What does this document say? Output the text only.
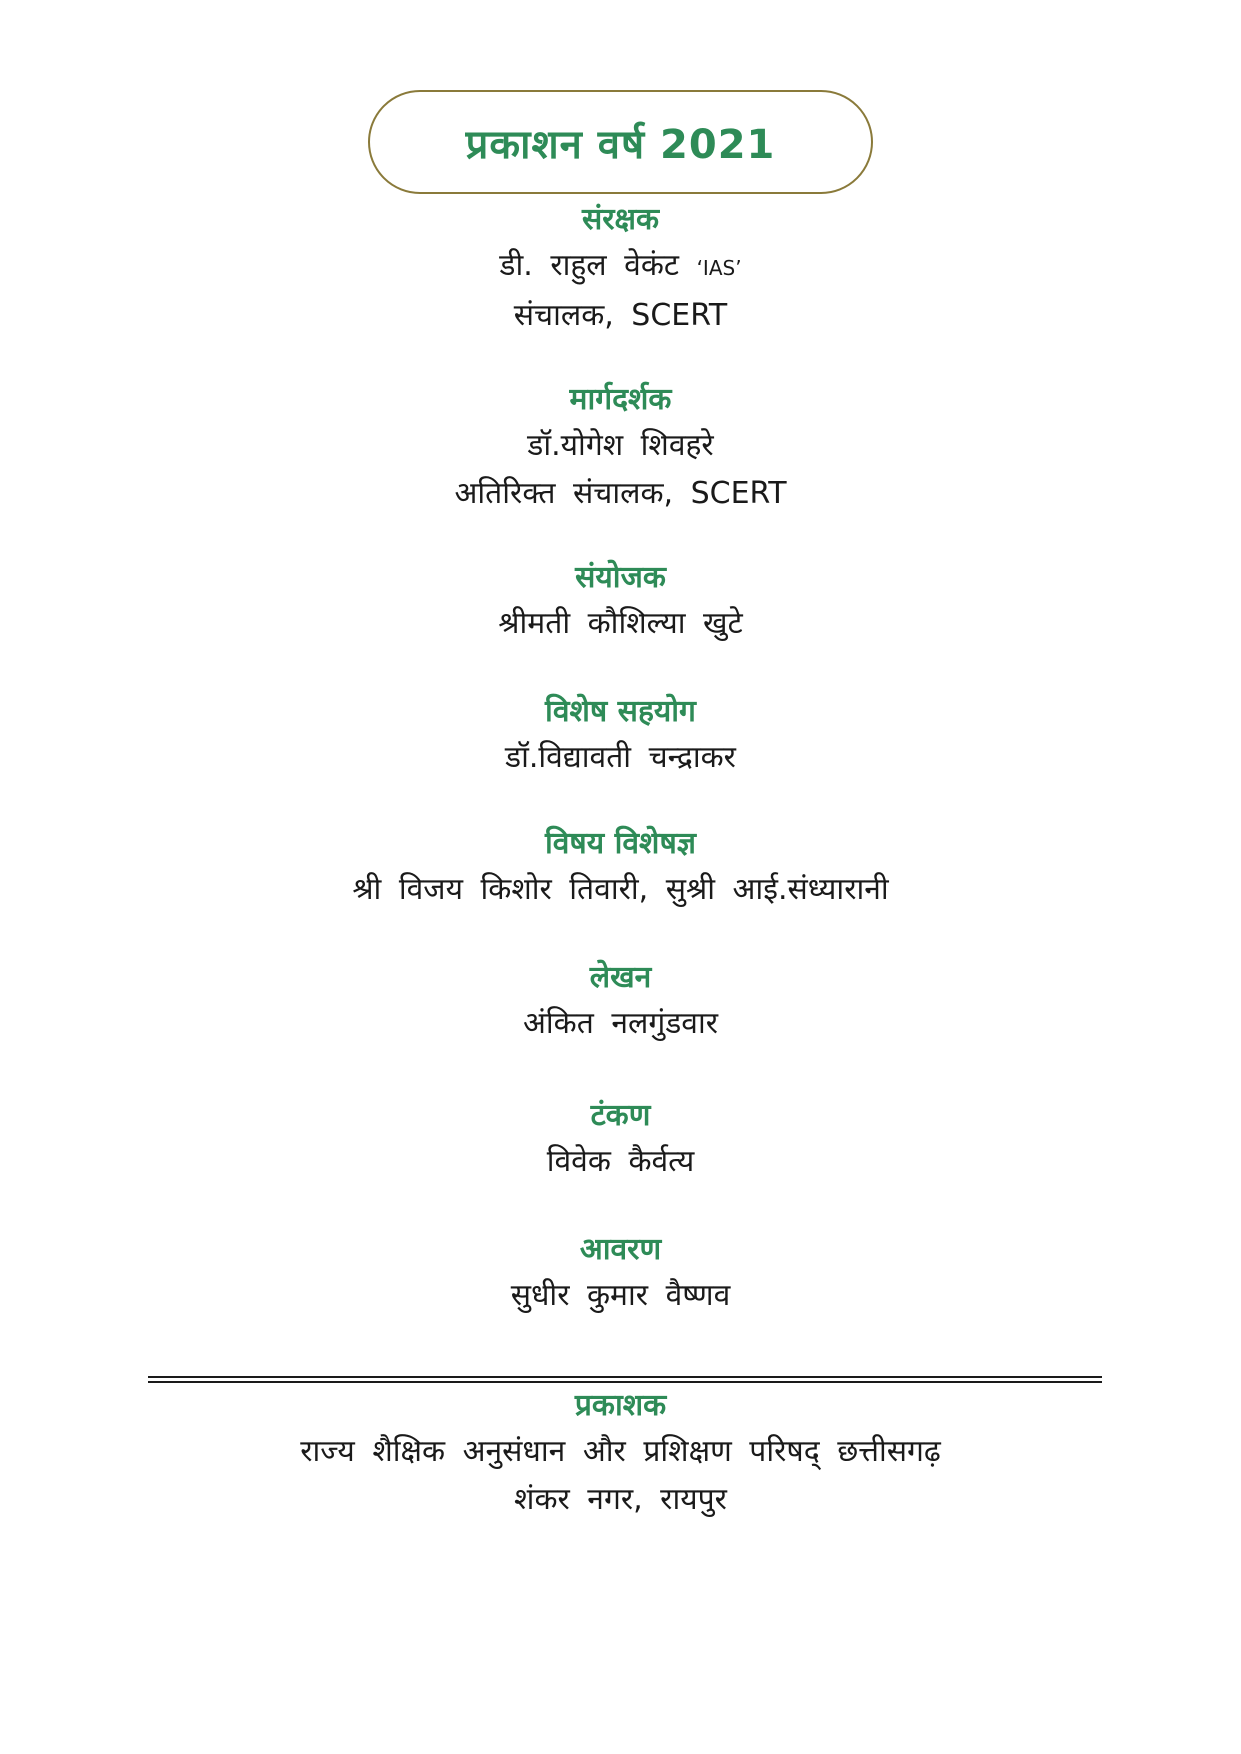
प्रकाशन वर्ष 2021
संरक्षक
डी. राहुल वेकंट ‘IAS’
संचालक, SCERT
मार्गदर्शक
डॉ.योगेश शिवहरे
अतिरिक्त संचालक, SCERT
संयोजक
श्रीमती कौशिल्या खुटे
विशेष सहयोग
डॉ.विद्यावती चन्द्राकर
विषय विशेषज्ञ
श्री विजय किशोर तिवारी, सुश्री आई.संध्यारानी
लेखन
अंकित नलगुंडवार
टंकण
विवेक कैर्वत्य
आवरण
सुधीर कुमार वैष्णव
प्रकाशक
राज्य शैक्षिक अनुसंधान और प्रशिक्षण परिषद् छत्तीसगढ़
शंकर नगर, रायपुर
